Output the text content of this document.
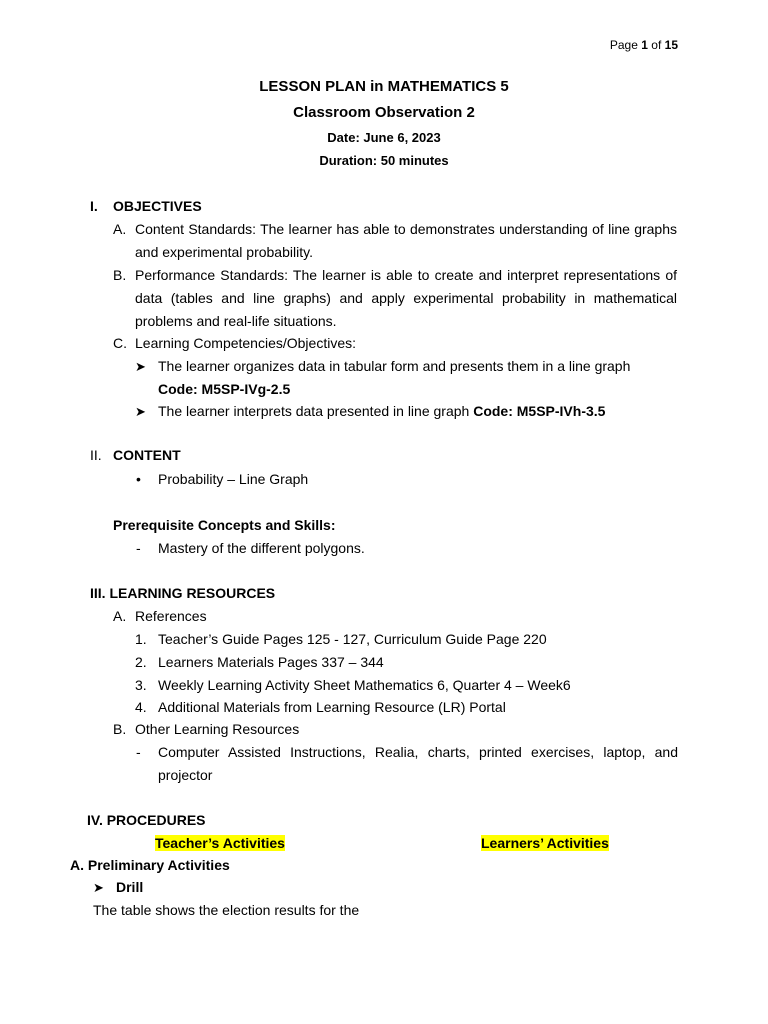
Page 1 of 15
LESSON PLAN in MATHEMATICS 5
Classroom Observation 2
Date: June 6, 2023
Duration: 50 minutes
I. OBJECTIVES
A. Content Standards: The learner has able to demonstrates understanding of line graphs and experimental probability.
B. Performance Standards: The learner is able to create and interpret representations of data (tables and line graphs) and apply experimental probability in mathematical problems and real-life situations.
C. Learning Competencies/Objectives:
➤ The learner organizes data in tabular form and presents them in a line graph
Code: M5SP-IVg-2.5
➤ The learner interprets data presented in line graph Code: M5SP-IVh-3.5
II. CONTENT
• Probability – Line Graph
Prerequisite Concepts and Skills:
- Mastery of the different polygons.
III. LEARNING RESOURCES
A. References
1. Teacher’s Guide Pages 125 - 127, Curriculum Guide Page 220
2. Learners Materials Pages 337 – 344
3. Weekly Learning Activity Sheet Mathematics 6, Quarter 4 – Week6
4. Additional Materials from Learning Resource (LR) Portal
B. Other Learning Resources
- Computer Assisted Instructions, Realia, charts, printed exercises, laptop, and projector
IV. PROCEDURES
Teacher’s Activities	Learners’ Activities
A. Preliminary Activities
➤ Drill
The table shows the election results for the
